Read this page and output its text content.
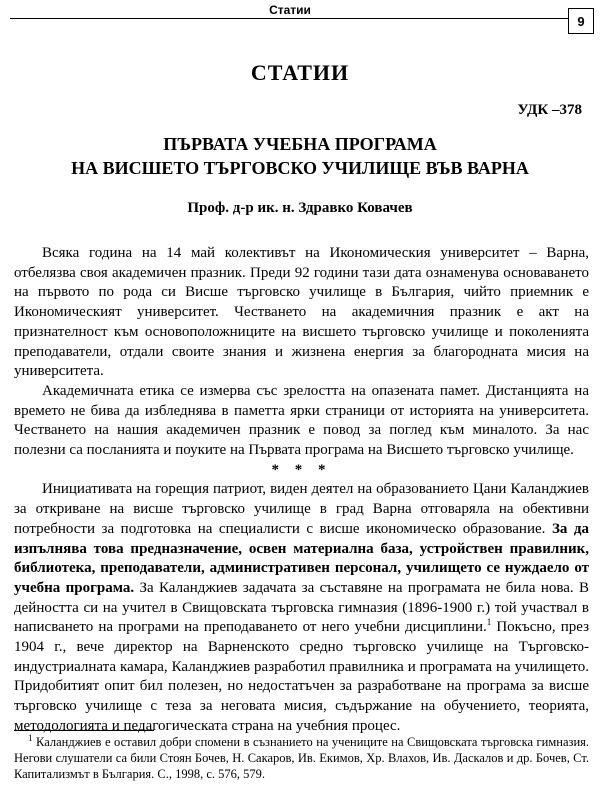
Статии
9
СТАТИИ
УДК –378
ПЪРВАТА УЧЕБНА ПРОГРАМА
НА ВИСШЕТО ТЪРГОВСКО УЧИЛИЩЕ ВЪВ ВАРНА
Проф. д-р ик. н. Здравко Ковачев

Всяка година на 14 май колективът на Икономическия университет – Варна, отбелязва своя академичен празник. Преди 92 години тази дата ознаменува основаването на първото по рода си Висше търговско училище в България, чийто приемник е Икономическият университет. Честването на академичния празник е акт на признателност към основоположниците на висшето търговско училище и поколенията преподаватели, отдали своите знания и жизнена енергия за благородната мисия на университета.

Академичната етика се измерва със зрелостта на опазената памет. Дистанцията на времето не бива да избледнява в паметта ярки страници от историята на университета. Честването на нашия академичен празник е повод за поглед към миналото. За нас полезни са посланията и поуките на Първата програма на Висшето търговско училище.

* * *

Инициативата на горещия патриот, виден деятел на образованието Цани Каланджиев за откриване на висше търговско училище в град Варна отговаряла на обективни потребности за подготовка на специалисти с висше икономическо образование. За да изпълнява това предназначение, освен материална база, устройствен правилник, библиотека, преподаватели, административен персонал, училището се нуждаело от учебна програма. За Каланджиев задачата за съставяне на програмата не била нова. В дейността си на учител в Свищовската търговска гимназия (1896-1900 г.) той участвал в написването на програми на преподаването от него учебни дисциплини.$^1$ Покъсно, през 1904 г., вече директор на Варненското средно търговско училище на Търговско-индустриалната камара, Каланджиев разработил правилника и програмата на училището. Придобитият опит бил полезен, но недостатъчен за разработване на програма за висше търговско училище с теза за неговата мисия, съдържание на обучението, теорията, методологията и педагогическата страна на учебния процес.

$^1$ Каланджиев е оставил добри спомени в съзнанието на учениците на Свищовската търговска гимназия. Негови слушатели са били Стоян Бочев, Н. Сакаров, Ив. Екимов, Хр. Влахов, Ив. Даскалов и др. Бочев, Ст. Капитализмът в България. С., 1998, с. 576, 579.
